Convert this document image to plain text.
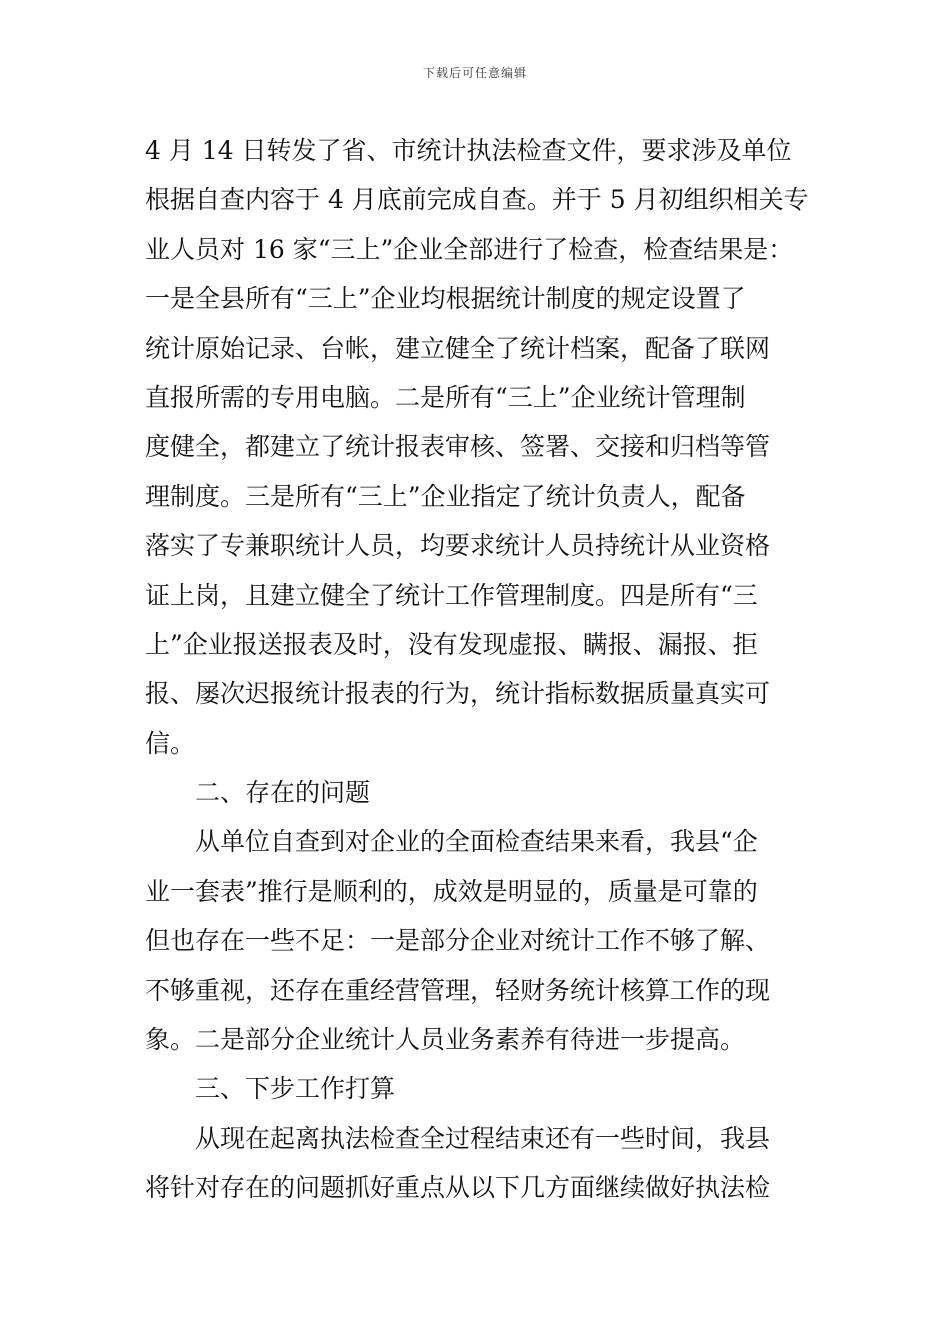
下载后可任意编辑
4 月 14 日转发了省、市统计执法检查文件，要求涉及单位
根据自查内容于 4 月底前完成自查。并于 5 月初组织相关专
业人员对 16 家“三上”企业全部进行了检查，检查结果是：
一是全县所有“三上”企业均根据统计制度的规定设置了
统计原始记录、台帐，建立健全了统计档案，配备了联网
直报所需的专用电脑。二是所有“三上”企业统计管理制
度健全，都建立了统计报表审核、签署、交接和归档等管
理制度。三是所有“三上”企业指定了统计负责人，配备
落实了专兼职统计人员，均要求统计人员持统计从业资格
证上岗，且建立健全了统计工作管理制度。四是所有“三
上”企业报送报表及时，没有发现虚报、瞒报、漏报、拒
报、屡次迟报统计报表的行为，统计指标数据质量真实可
信。
二、存在的问题
从单位自查到对企业的全面检查结果来看，我县“企
业一套表”推行是顺利的，成效是明显的，质量是可靠的
但也存在一些不足：一是部分企业对统计工作不够了解、
不够重视，还存在重经营管理，轻财务统计核算工作的现
象。二是部分企业统计人员业务素养有待进一步提高。
三、下步工作打算
从现在起离执法检查全过程结束还有一些时间，我县
将针对存在的问题抓好重点从以下几方面继续做好执法检
